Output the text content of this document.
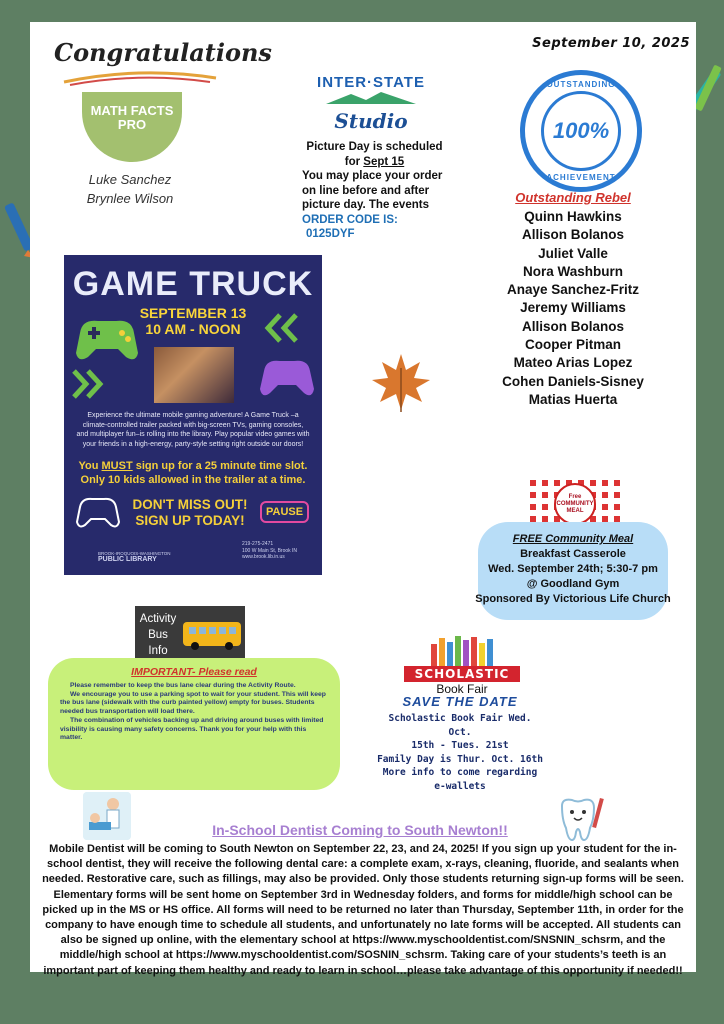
September 10, 2025
Congratulations
MATH FACTS PRO
Luke Sanchez
Brynlee Wilson
INTER·STATE
Studio
Picture Day is scheduled
for Sept 15
You may place your order on line before and after picture day. The events ORDER CODE IS:
0125DYF
OUTSTANDING
100%
ACHIEVEMENT
Outstanding Rebel
Quinn Hawkins
Allison Bolanos
Juliet Valle
Nora Washburn
Anaye Sanchez-Fritz
Jeremy Williams
Allison Bolanos
Cooper Pitman
Mateo Arias Lopez
Cohen Daniels-Sisney
Matias Huerta
GAME TRUCK
SEPTEMBER 13
10 AM - NOON
Experience the ultimate mobile gaming adventure! A Game Truck –a climate-controlled trailer packed with big-screen TVs, gaming consoles, and multiplayer fun–is rolling into the library. Play popular video games with your friends in a high-energy, party-style setting right outside our doors!
You MUST sign up for a 25 minute time slot.
Only 10 kids allowed in the trailer at a time.
DON'T MISS OUT!
SIGN UP TODAY!
PAUSE
BROOK-IROQUOIS-WASHINGTON
PUBLIC LIBRARY
219-275-2471
100 W Main St, Brook IN
www.brook.lib.in.us
Free
COMMUNITY
MEAL
FREE Community Meal
Breakfast Casserole
Wed. September 24th; 5:30-7 pm
@ Goodland Gym
Sponsored By Victorious Life Church
Activity
Bus
Info
IMPORTANT- Please read
Please remember to keep the bus lane clear during the Activity Route.
We encourage you to use a parking spot to wait for your student. This will keep the bus lane (sidewalk with the curb painted yellow) empty for buses. Students needed bus transportation will load there.
The combination of vehicles backing up and driving around buses with limited visibility is causing many safety concerns. Thank you for your help with this matter.
SCHOLASTIC
Book Fair
SAVE THE DATE
Scholastic Book Fair Wed. Oct.
15th - Tues. 21st
Family Day is Thur. Oct. 16th
More info to come regarding e-wallets
In-School Dentist Coming to South Newton!!
Mobile Dentist will be coming to South Newton on September 22, 23, and 24, 2025! If you sign up your student for the in-school dentist, they will receive the following dental care: a complete exam, x-rays, cleaning, fluoride, and sealants when needed. Restorative care, such as fillings, may also be provided. Only those students returning sign-up forms will be seen. Elementary forms will be sent home on September 3rd in Wednesday folders, and forms for middle/high school can be picked up in the MS or HS office. All forms will need to be returned no later than Thursday, September 11th, in order for the company to have enough time to schedule all students, and unfortunately no late forms will be accepted. All students can also be signed up online, with the elementary school at https://www.myschooldentist.com/SNSNIN_schsrm, and the middle/high school at https://www.myschooldentist.com/SOSNIN_schsrm. Taking care of your students’s teeth is an important part of keeping them healthy and ready to learn in school…please take advantage of this opportunity if needed!!
